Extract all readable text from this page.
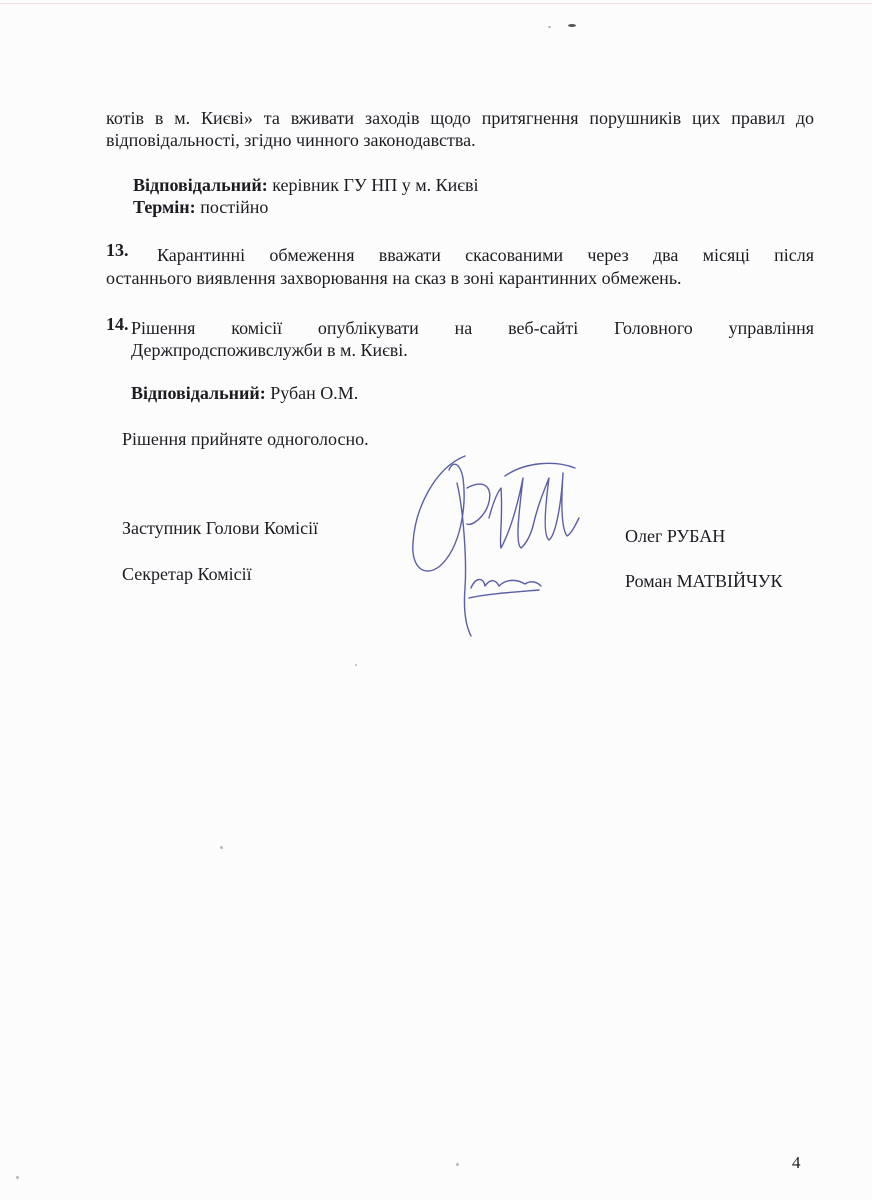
котів в м. Києві» та вживати заходів щодо притягнення порушників цих правил до
відповідальності, згідно чинного законодавства.
Відповідальний: керівник ГУ НП у м. Києві
Термін: постійно
13. Карантинні обмеження вважати скасованими через два місяці після
останнього виявлення захворювання на сказ в зоні карантинних обмежень.
14. Рішення комісії опублікувати на веб-сайті Головного управління
Держпродспоживслужби в м. Києві.
Відповідальний: Рубан О.М.
Рішення прийняте одноголосно.
Заступник Голови Комісії
Секретар Комісії
Олег РУБАН
Роман МАТВІЙЧУК
4
